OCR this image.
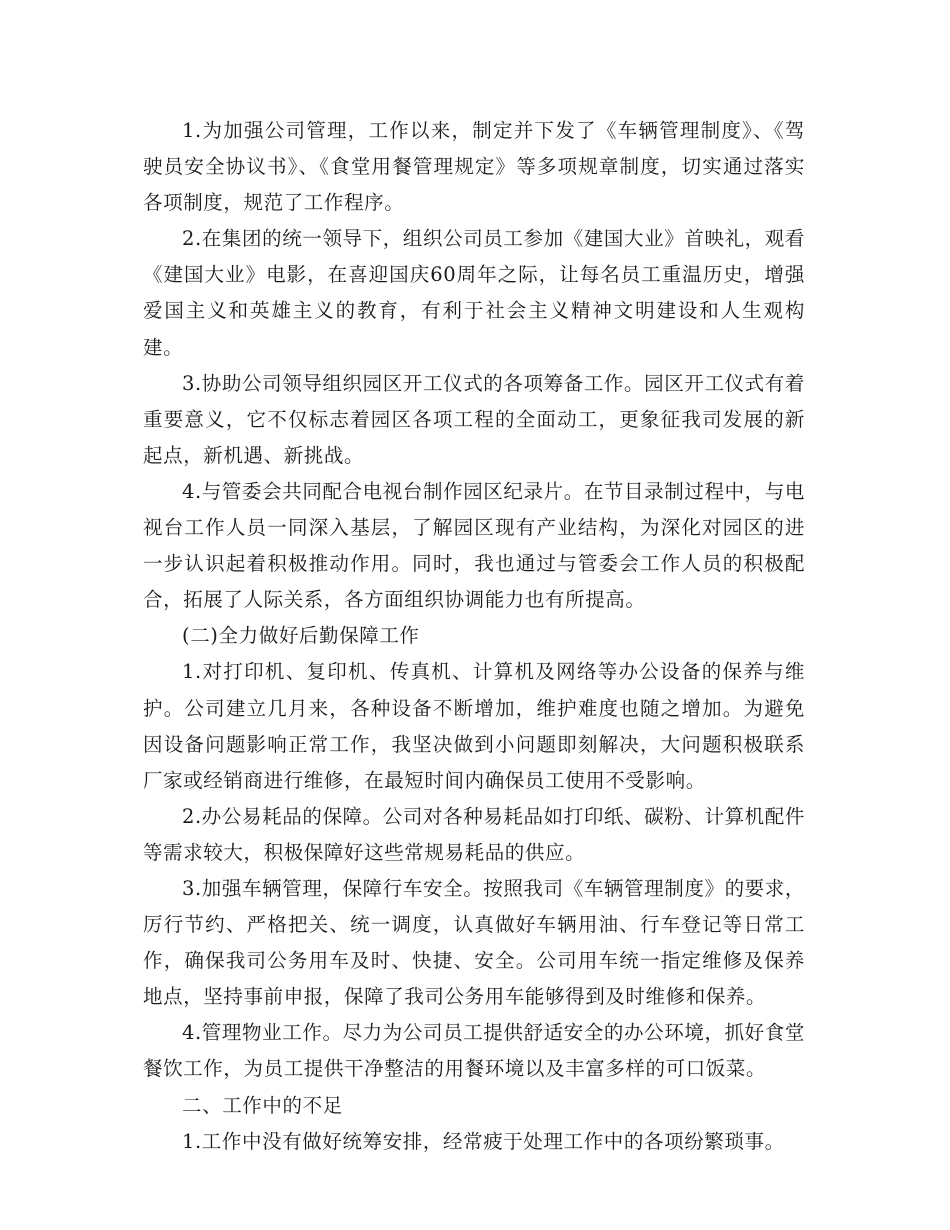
1.为加强公司管理，工作以来，制定并下发了《车辆管理制度》、《驾驶员安全协议书》、《食堂用餐管理规定》等多项规章制度，切实通过落实各项制度，规范了工作程序。

2.在集团的统一领导下，组织公司员工参加《建国大业》首映礼，观看《建国大业》电影，在喜迎国庆60周年之际，让每名员工重温历史，增强爱国主义和英雄主义的教育，有利于社会主义精神文明建设和人生观构建。

3.协助公司领导组织园区开工仪式的各项筹备工作。园区开工仪式有着重要意义，它不仅标志着园区各项工程的全面动工，更象征我司发展的新起点，新机遇、新挑战。

4.与管委会共同配合电视台制作园区纪录片。在节目录制过程中，与电视台工作人员一同深入基层，了解园区现有产业结构，为深化对园区的进一步认识起着积极推动作用。同时，我也通过与管委会工作人员的积极配合，拓展了人际关系，各方面组织协调能力也有所提高。

(二)全力做好后勤保障工作

1.对打印机、复印机、传真机、计算机及网络等办公设备的保养与维护。公司建立几月来，各种设备不断增加，维护难度也随之增加。为避免因设备问题影响正常工作，我坚决做到小问题即刻解决，大问题积极联系厂家或经销商进行维修，在最短时间内确保员工使用不受影响。

2.办公易耗品的保障。公司对各种易耗品如打印纸、碳粉、计算机配件等需求较大，积极保障好这些常规易耗品的供应。

3.加强车辆管理，保障行车安全。按照我司《车辆管理制度》的要求，厉行节约、严格把关、统一调度，认真做好车辆用油、行车登记等日常工作，确保我司公务用车及时、快捷、安全。公司用车统一指定维修及保养地点，坚持事前申报，保障了我司公务用车能够得到及时维修和保养。

4.管理物业工作。尽力为公司员工提供舒适安全的办公环境，抓好食堂餐饮工作，为员工提供干净整洁的用餐环境以及丰富多样的可口饭菜。

二、工作中的不足

1.工作中没有做好统筹安排，经常疲于处理工作中的各项纷繁琐事。
